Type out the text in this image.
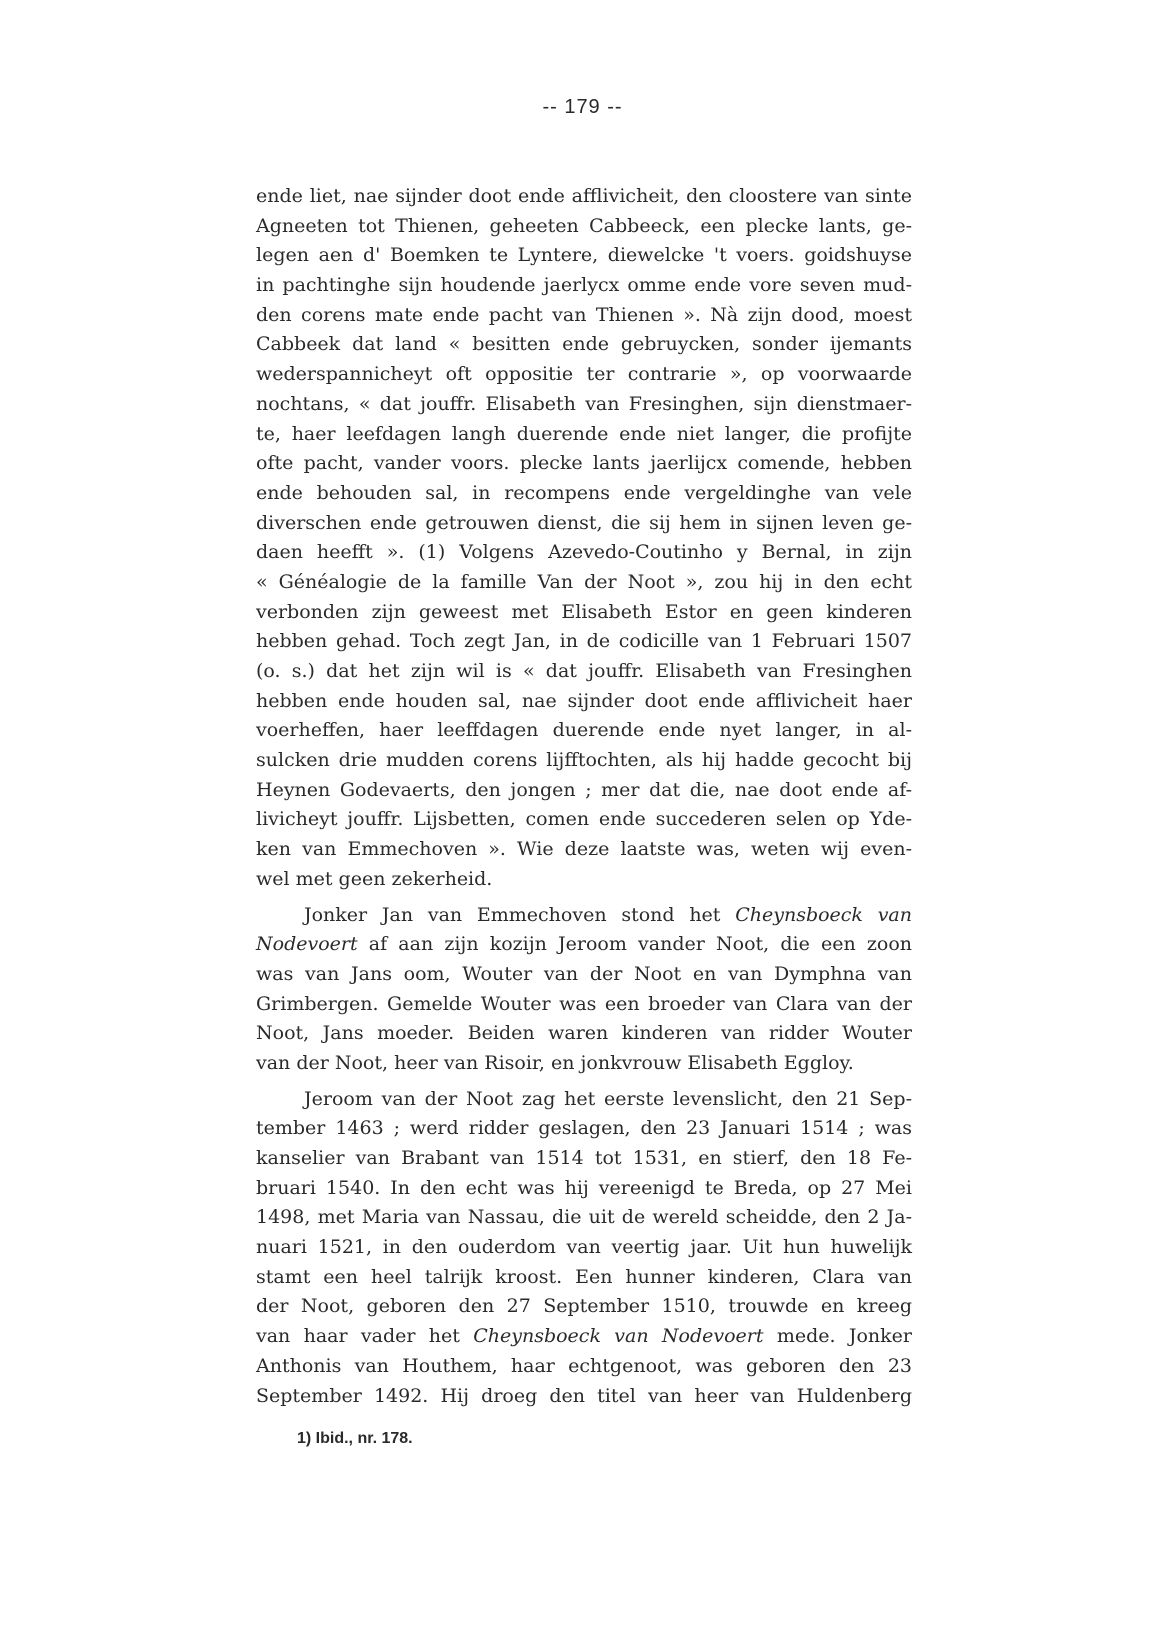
-- 179 --
ende liet, nae sijnder doot ende afflivicheit, den cloostere van sinte
Agneeten tot Thienen, geheeten Cabbeeck, een plecke lants, ge-
legen aen d' Boemken te Lyntere, diewelcke 't voers. goidshuyse
in pachtinghe sijn houdende jaerlycx omme ende vore seven mud-
den corens mate ende pacht van Thienen ». Nà zijn dood, moest
Cabbeek dat land « besitten ende gebruycken, sonder ijemants
wederspannicheyt oft oppositie ter contrarie », op voorwaarde
nochtans, « dat jouffr. Elisabeth van Fresinghen, sijn dienstmaer-
te, haer leefdagen langh duerende ende niet langer, die profijte
ofte pacht, vander voors. plecke lants jaerlijcx comende, hebben
ende behouden sal, in recompens ende vergeldinghe van vele
diverschen ende getrouwen dienst, die sij hem in sijnen leven ge-
daen heefft ». (1) Volgens Azevedo-Coutinho y Bernal, in zijn
« Généalogie de la famille Van der Noot », zou hij in den echt
verbonden zijn geweest met Elisabeth Estor en geen kinderen
hebben gehad. Toch zegt Jan, in de codicille van 1 Februari 1507
(o. s.) dat het zijn wil is « dat jouffr. Elisabeth van Fresinghen
hebben ende houden sal, nae sijnder doot ende afflivicheit haer
voerheffen, haer leeffdagen duerende ende nyet langer, in al-
sulcken drie mudden corens lijfftochten, als hij hadde gecocht bij
Heynen Godevaerts, den jongen ; mer dat die, nae doot ende af-
livicheyt jouffr. Lijsbetten, comen ende succederen selen op Yde-
ken van Emmechoven ». Wie deze laatste was, weten wij even-
wel met geen zekerheid.
Jonker Jan van Emmechoven stond het Cheynsboeck van
Nodevoert af aan zijn kozijn Jeroom vander Noot, die een zoon
was van Jans oom, Wouter van der Noot en van Dymphna van
Grimbergen. Gemelde Wouter was een broeder van Clara van der
Noot, Jans moeder. Beiden waren kinderen van ridder Wouter
van der Noot, heer van Risoir, en jonkvrouw Elisabeth Eggloy.
Jeroom van der Noot zag het eerste levenslicht, den 21 Sep-
tember 1463 ; werd ridder geslagen, den 23 Januari 1514 ; was
kanselier van Brabant van 1514 tot 1531, en stierf, den 18 Fe-
bruari 1540. In den echt was hij vereenigd te Breda, op 27 Mei
1498, met Maria van Nassau, die uit de wereld scheidde, den 2 Ja-
nuari 1521, in den ouderdom van veertig jaar. Uit hun huwelijk
stamt een heel talrijk kroost. Een hunner kinderen, Clara van
der Noot, geboren den 27 September 1510, trouwde en kreeg
van haar vader het Cheynsboeck van Nodevoert mede. Jonker
Anthonis van Houthem, haar echtgenoot, was geboren den 23
September 1492. Hij droeg den titel van heer van Huldenberg
1) Ibid., nr. 178.
